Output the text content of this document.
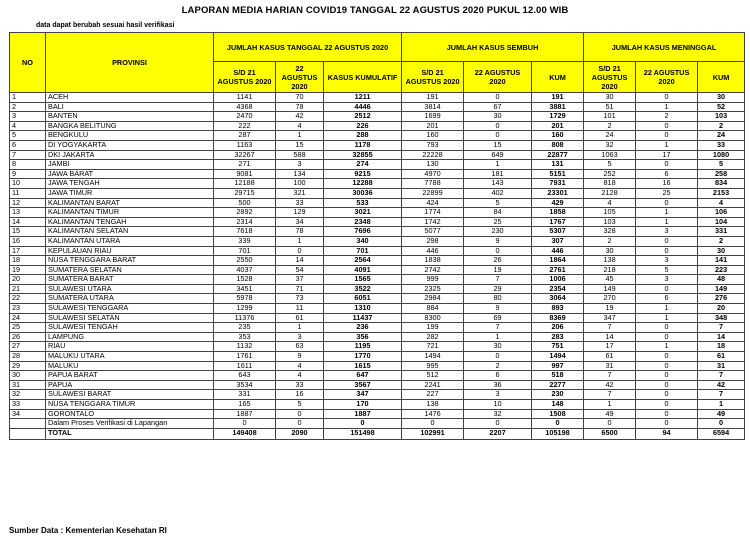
LAPORAN MEDIA HARIAN COVID19 TANGGAL 22 AGUSTUS 2020 PUKUL 12.00 WIB
data dapat berubah sesuai hasil verifikasi
NO	PROVINSI	JUMLAH KASUS TANGGAL 22 AGUSTUS 2020			JUMLAH KASUS SEMBUH			JUMLAH KASUS MENINGGAL		
		S/D 21 AGUSTUS 2020	22 AGUSTUS 2020	KASUS KUMULATIF	S/D 21 AGUSTUS 2020	22 AGUSTUS 2020	KUM	S/D 21 AGUSTUS 2020	22 AGUSTUS 2020	KUM
1	ACEH	1141	70	1211	191	0	191	30	0	30
2	BALI	4368	78	4446	3814	67	3881	51	1	52
3	BANTEN	2470	42	2512	1699	30	1729	101	2	103
4	BANGKA BELITUNG	222	4	226	201	0	201	2	0	2
5	BENGKULU	287	1	288	160	0	160	24	0	24
6	DI YOGYAKARTA	1163	15	1178	793	15	808	32	1	33
7	DKI JAKARTA	32267	588	32855	22228	649	22877	1063	17	1080
8	JAMBI	271	3	274	130	1	131	5	0	5
9	JAWA BARAT	9081	134	9215	4970	181	5151	252	6	258
10	JAWA TENGAH	12188	100	12288	7788	143	7931	818	16	834
11	JAWA TIMUR	29715	321	30036	22899	402	23301	2128	25	2153
12	KALIMANTAN BARAT	500	33	533	424	5	429	4	0	4
13	KALIMANTAN TIMUR	2892	129	3021	1774	84	1858	105	1	106
14	KALIMANTAN TENGAH	2314	34	2348	1742	25	1767	103	1	104
15	KALIMANTAN SELATAN	7618	78	7696	5077	230	5307	328	3	331
16	KALIMANTAN UTARA	339	1	340	298	9	307	2	0	2
17	KEPULAUAN RIAU	701	0	701	446	0	446	30	0	30
18	NUSA TENGGARA BARAT	2550	14	2564	1838	26	1864	138	3	141
19	SUMATERA SELATAN	4037	54	4091	2742	19	2761	218	5	223
20	SUMATERA BARAT	1528	37	1565	999	7	1006	45	3	48
21	SULAWESI UTARA	3451	71	3522	2325	29	2354	149	0	149
22	SUMATERA UTARA	5978	73	6051	2984	80	3064	270	6	276
23	SULAWESI TENGGARA	1299	11	1310	884	9	893	19	1	20
24	SULAWESI SELATAN	11376	61	11437	8300	69	8369	347	1	348
25	SULAWESI TENGAH	235	1	236	199	7	206	7	0	7
26	LAMPUNG	353	3	356	282	1	283	14	0	14
27	RIAU	1132	63	1195	721	30	751	17	1	18
28	MALUKU UTARA	1761	9	1770	1494	0	1494	61	0	61
29	MALUKU	1611	4	1615	995	2	997	31	0	31
30	PAPUA BARAT	643	4	647	512	6	518	7	0	7
31	PAPUA	3534	33	3567	2241	36	2277	42	0	42
32	SULAWESI BARAT	331	16	347	227	3	230	7	0	7
33	NUSA TENGGARA TIMUR	165	5	170	138	10	148	1	0	1
34	GORONTALO	1887	0	1887	1476	32	1508	49	0	49
	Dalam Proses Verifikasi di Lapangan	0	0	0	0	0	0	0	0	0
	TOTAL	149408	2090	151498	102991	2207	105198	6500	94	6594
Sumber Data : Kementerian Kesehatan RI
